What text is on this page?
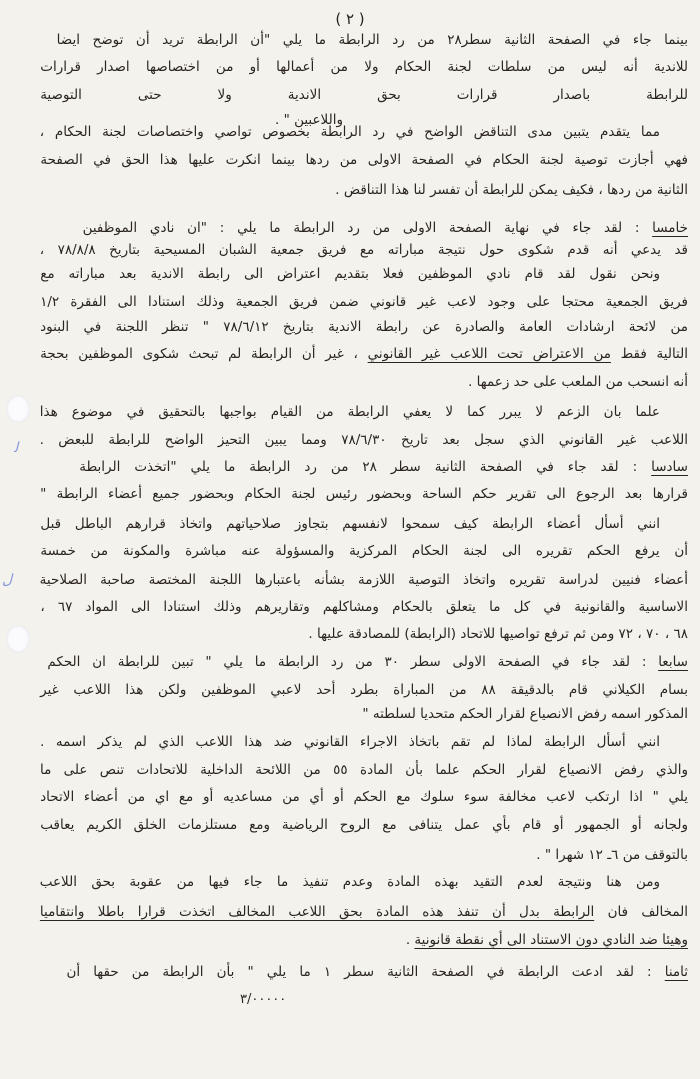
( ٢ )
بينما جاء في الصفحة الثانية سطر٢٨ من رد الرابطة ما يلي "أن الرابطة تريد أن توضح ايضا
للاندية أنه ليس من سلطات لجنة الحكام ولا من أعمالها أو من اختصاصها اصدار قرارات
للرابطة باصدار قرارات بحق الاندية ولا حتى التوصية
واللاعبين " .
مما يتقدم يتبين مدى التناقض الواضح في رد الرابطة بخصوص تواصي واختصاصات لجنة الحكام ،
فهي أجازت توصية لجنة الحكام في الصفحة الاولى من ردها بينما انكرت عليها هذا الحق في الصفحة
الثانية من ردها ، فكيف يمكن للرابطة أن تفسر لنا هذا التناقض .
خامسا : لقد جاء في نهاية الصفحة الاولى من رد الرابطة ما يلي : "ان نادي الموظفين
قد يدعي أنه قدم شكوى حول نتيجة مباراته مع فريق جمعية الشبان المسيحية بتاريخ ٧٨/٨/٨ ،
ونحن نقول لقد قام نادي الموظفين فعلا بتقديم اعتراض الى رابطة الاندية بعد مباراته مع
فريق الجمعية محتجا على وجود لاعب غير قانوني ضمن فريق الجمعية وذلك استنادا الى الفقرة ١/٢
من لائحة ارشادات العامة والصادرة عن رابطة الاندية بتاريخ ٧٨/٦/١٢ " تنظر اللجنة في البنود
التالية فقط من الاعتراض تحت اللاعب غير القانوني ، غير أن الرابطة لم تبحث شكوى الموظفين بحجة
أنه انسحب من الملعب على حد زعمها .
علما بان الزعم لا يبرر كما لا يعفي الرابطة من القيام بواجبها بالتحقيق في موضوع هذا
اللاعب غير القانوني الذي سجل بعد تاريخ ٧٨/٦/٣٠ ومما يبين التحيز الواضح للرابطة للبعض .
سادسا : لقد جاء في الصفحة الثانية سطر ٢٨ من رد الرابطة ما يلي "اتخذت الرابطة
قرارها بعد الرجوع الى تقرير حكم الساحة وبحضور رئيس لجنة الحكام وبحضور جميع أعضاء الرابطة "
انني أسأل أعضاء الرابطة كيف سمحوا لانفسهم بتجاوز صلاحياتهم واتخاذ قرارهم الباطل قبل
أن يرفع الحكم تقريره الى لجنة الحكام المركزية والمسؤولة عنه مباشرة والمكونة من خمسة
أعضاء فنيين لدراسة تقريره واتخاذ التوصية اللازمة بشأنه باعتبارها اللجنة المختصة صاحبة الصلاحية
الاساسية والقانونية في كل ما يتعلق بالحكام ومشاكلهم وتقاريرهم وذلك استنادا الى المواد ٦٧ ،
٦٨ ، ٧٠ ، ٧٢ ومن ثم ترفع تواصيها للاتحاد (الرابطة) للمصادقة عليها .
سابعا : لقد جاء في الصفحة الاولى سطر ٣٠ من رد الرابطة ما يلي " تبين للرابطة ان الحكم
بسام الكيلاني قام بالدقيقة ٨٨ من المباراة بطرد أحد لاعبي الموظفين ولكن هذا اللاعب غير
المذكور اسمه رفض الانصياع لقرار الحكم متحديا لسلطته "
انني أسأل الرابطة لماذا لم تقم باتخاذ الاجراء القانوني ضد هذا اللاعب الذي لم يذكر اسمه .
والذي رفض الانصياع لقرار الحكم علما بأن المادة ٥٥ من اللائحة الداخلية للاتحادات تنص على ما
يلي " اذا ارتكب لاعب مخالفة سوء سلوك مع الحكم أو أي من مساعديه أو مع اي من أعضاء الاتحاد
ولجانه أو الجمهور أو قام بأي عمل يتنافى مع الروح الرياضية ومع مستلزمات الخلق الكريم يعاقب
بالتوقف من ٦ـ ١٢ شهرا " .
ومن هنا ونتيجة لعدم التقيد بهذه المادة وعدم تنفيذ ما جاء فيها من عقوبة بحق اللاعب
المخالف فان الرابطة بدل أن تنفذ هذه المادة بحق اللاعب المخالف اتخذت قرارا باطلا وانتقاميا
وهيئا ضد النادي دون الاستناد الى أي نقطة قانونية .
ثامنا : لقد ادعت الرابطة في الصفحة الثانية سطر ١ ما يلي " بأن الرابطة من حقها أن
٣/٠٠٠٠٠
ﻟ
ﻝ
